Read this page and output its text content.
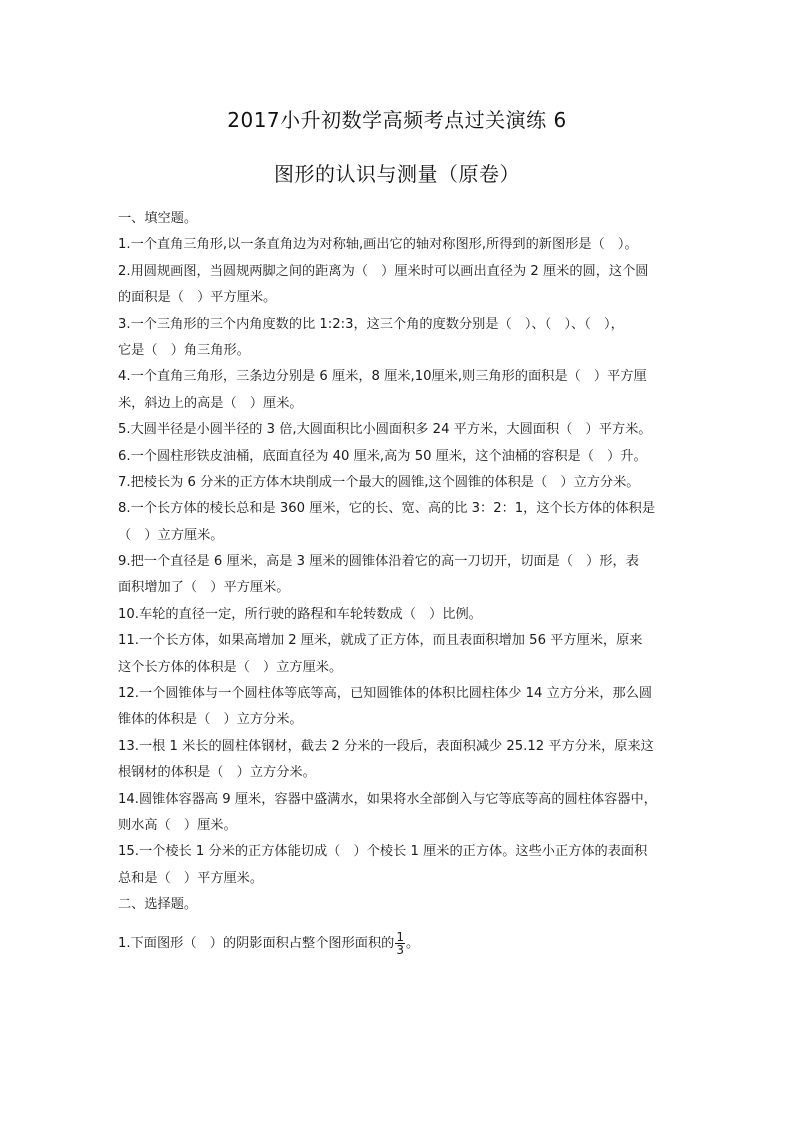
2017小升初数学高频考点过关演练 6
图形的认识与测量（原卷）
一、填空题。
1.一个直角三角形,以一条直角边为对称轴,画出它的轴对称图形,所得到的新图形是（　）。
2.用圆规画图，当圆规两脚之间的距离为（　）厘米时可以画出直径为 2 厘米的圆，这个圆
的面积是（　）平方厘米。
3.一个三角形的三个内角度数的比 1:2:3，这三个角的度数分别是（　）、（　）、（　），
它是（　）角三角形。
4.一个直角三角形，三条边分别是 6 厘米，8 厘米,10厘米,则三角形的面积是（　）平方厘
米，斜边上的高是（　）厘米。
5.大圆半径是小圆半径的 3 倍,大圆面积比小圆面积多 24 平方米，大圆面积（　）平方米。
6.一个圆柱形铁皮油桶，底面直径为 40 厘米,高为 50 厘米，这个油桶的容积是（　）升。
7.把棱长为 6 分米的正方体木块削成一个最大的圆锥,这个圆锥的体积是（　）立方分米。
8.一个长方体的棱长总和是 360 厘米，它的长、宽、高的比 3：2：1，这个长方体的体积是
（　）立方厘米。
9.把一个直径是 6 厘米，高是 3 厘米的圆锥体沿着它的高一刀切开，切面是（　）形，表
面积增加了（　）平方厘米。
10.车轮的直径一定，所行驶的路程和车轮转数成（　）比例。
11.一个长方体，如果高增加 2 厘米，就成了正方体，而且表面积增加 56 平方厘米，原来
这个长方体的体积是（　）立方厘米。
12.一个圆锥体与一个圆柱体等底等高，已知圆锥体的体积比圆柱体少 14 立方分米，那么圆
锥体的体积是（　）立方分米。
13.一根 1 米长的圆柱体钢材，截去 2 分米的一段后，表面积减少 25.12 平方分米，原来这
根钢材的体积是（　）立方分米。
14.圆锥体容器高 9 厘米，容器中盛满水，如果将水全部倒入与它等底等高的圆柱体容器中，
则水高（　）厘米。
15.一个棱长 1 分米的正方体能切成（　）个棱长 1 厘米的正方体。这些小正方体的表面积
总和是（　）平方厘米。
二、选择题。
1.下面图形（　）的阴影面积占整个图形面积的 $\frac{1}{3}$ 。
